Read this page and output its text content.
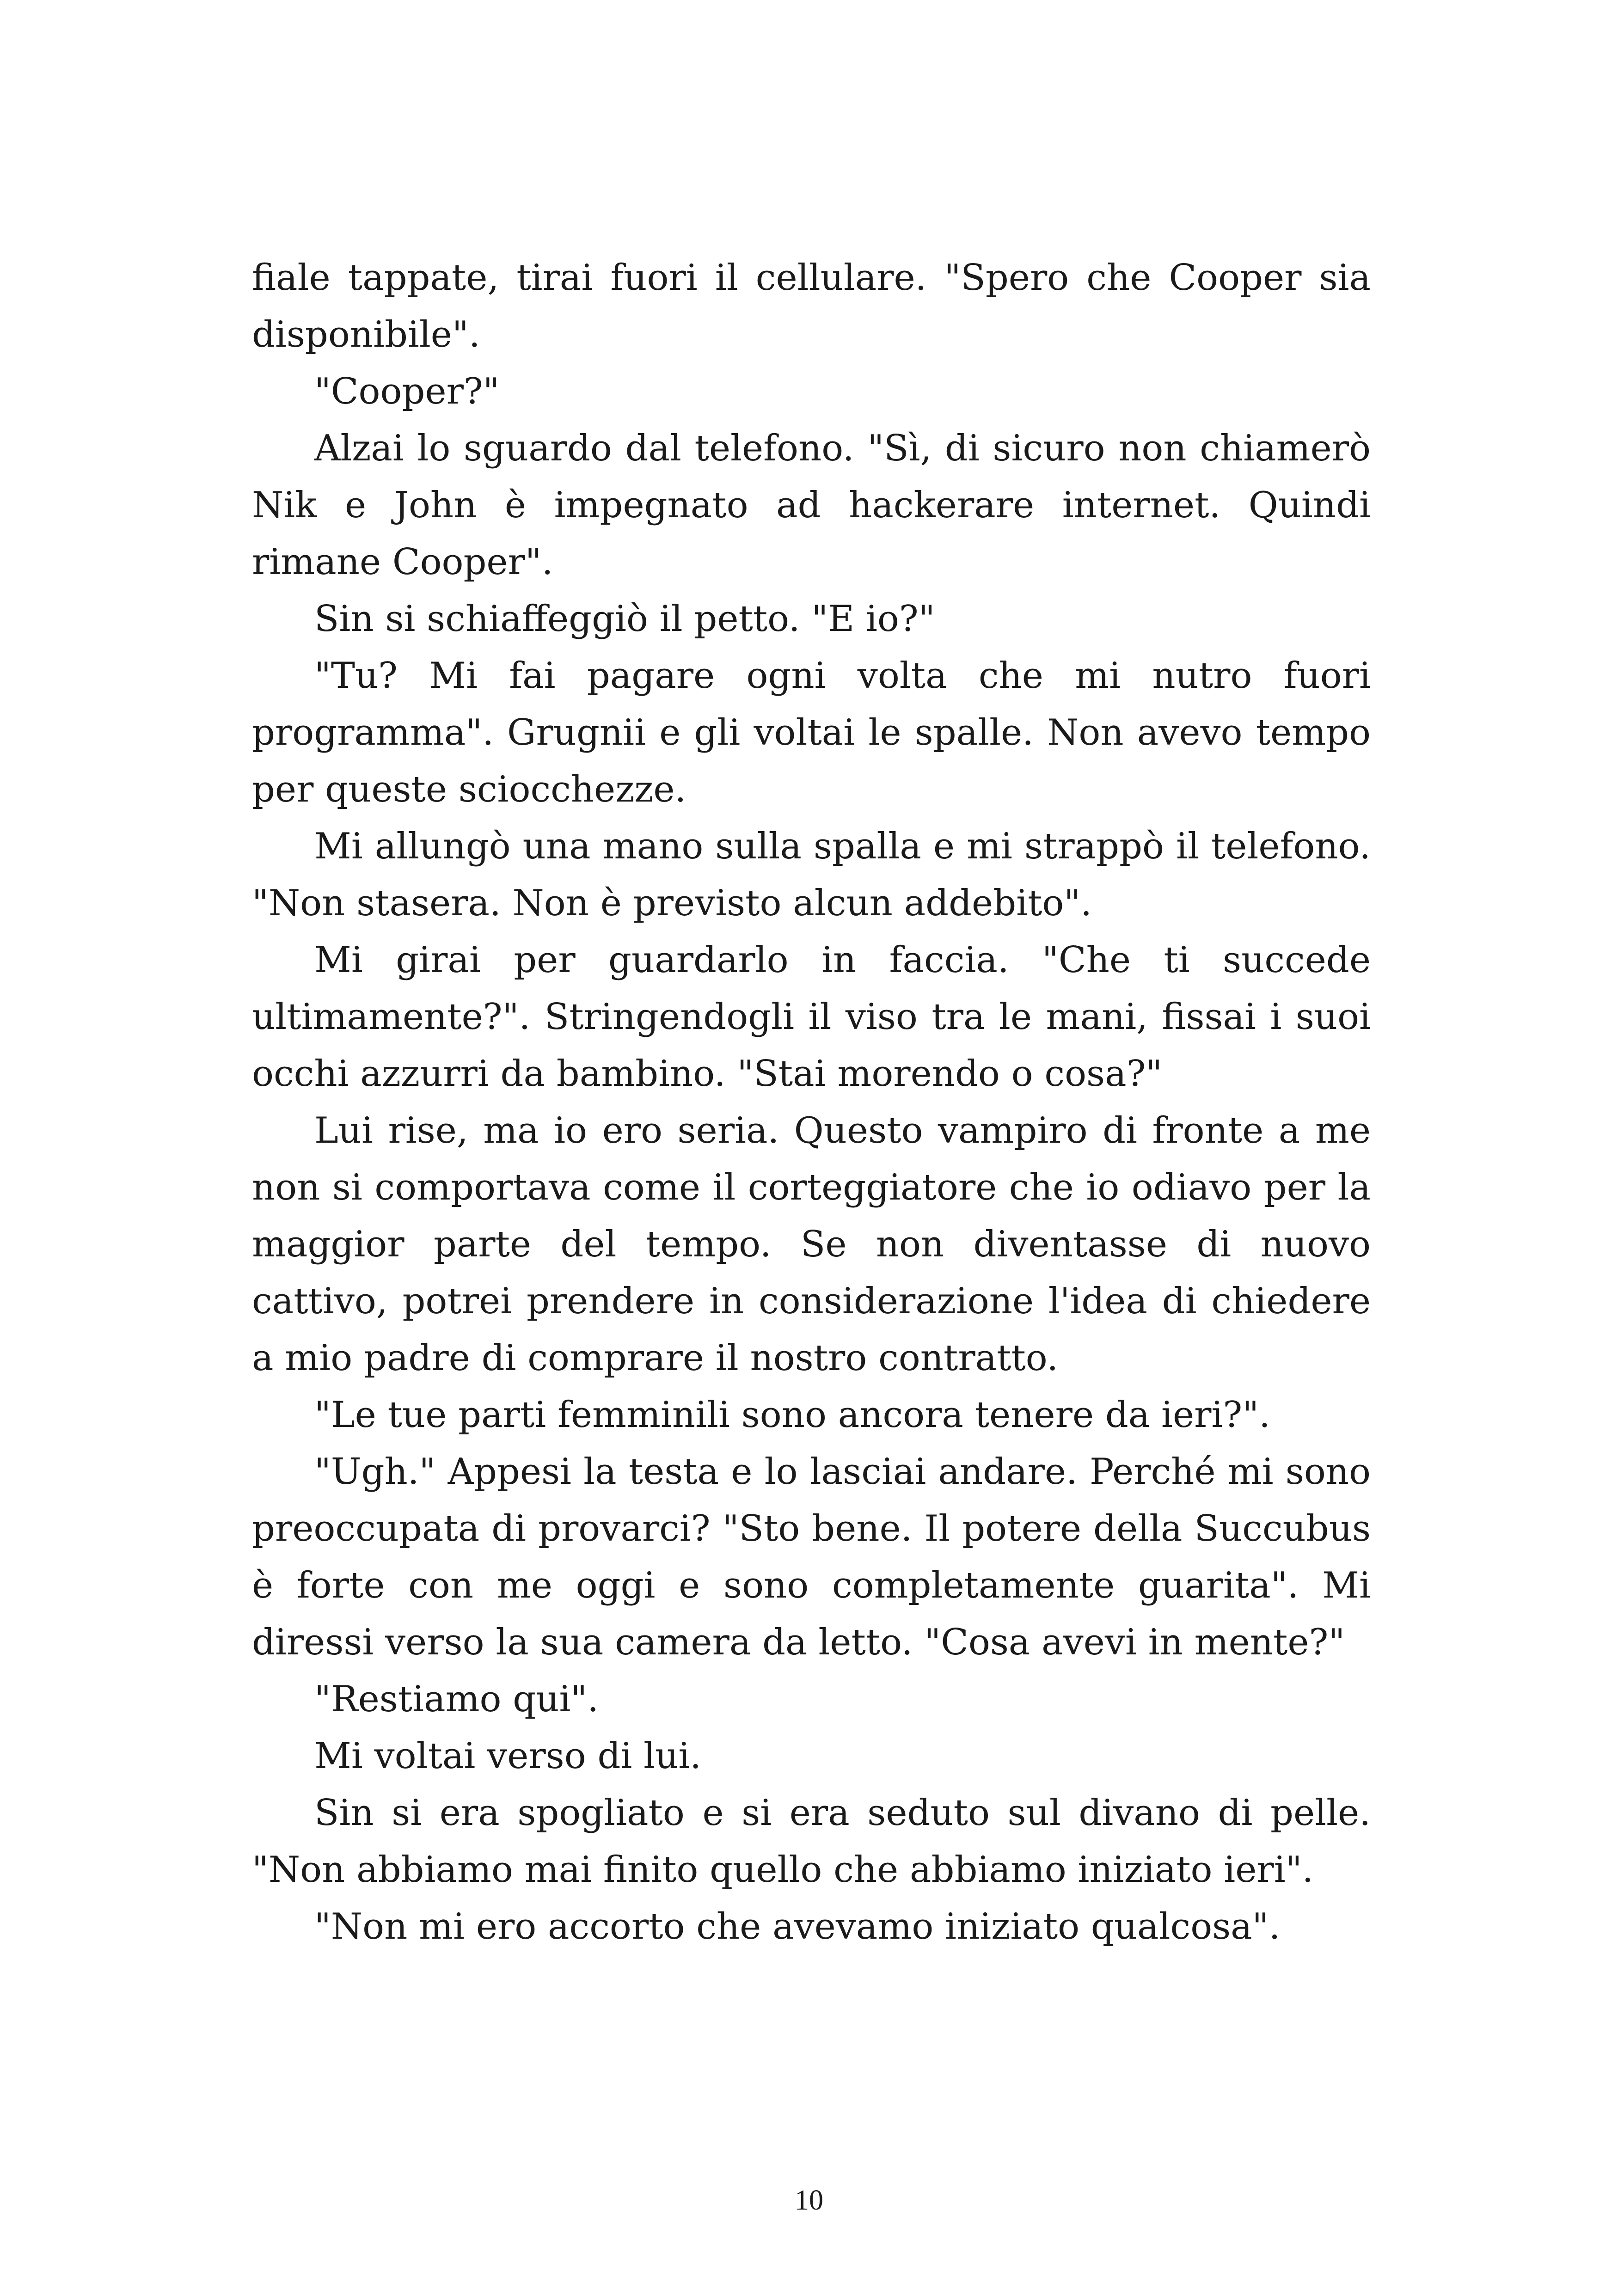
fiale tappate, tirai fuori il cellulare. "Spero che Cooper sia disponibile".

"Cooper?"

Alzai lo sguardo dal telefono. "Sì, di sicuro non chiamerò Nik e John è impegnato ad hackerare internet. Quindi rimane Cooper".

Sin si schiaffeggiò il petto. "E io?"

"Tu? Mi fai pagare ogni volta che mi nutro fuori programma". Grugnii e gli voltai le spalle. Non avevo tempo per queste sciocchezze.

Mi allungò una mano sulla spalla e mi strappò il telefono. "Non stasera. Non è previsto alcun addebito".

Mi girai per guardarlo in faccia. "Che ti succede ultimamente?". Stringendogli il viso tra le mani, fissai i suoi occhi azzurri da bambino. "Stai morendo o cosa?"

Lui rise, ma io ero seria. Questo vampiro di fronte a me non si comportava come il corteggiatore che io odiavo per la maggior parte del tempo. Se non diventasse di nuovo cattivo, potrei prendere in considerazione l'idea di chiedere a mio padre di comprare il nostro contratto.

"Le tue parti femminili sono ancora tenere da ieri?".

"Ugh." Appesi la testa e lo lasciai andare. Perché mi sono preoccupata di provarci? "Sto bene. Il potere della Succubus è forte con me oggi e sono completamente guarita". Mi diressi verso la sua camera da letto. "Cosa avevi in mente?"

"Restiamo qui".

Mi voltai verso di lui.

Sin si era spogliato e si era seduto sul divano di pelle. "Non abbiamo mai finito quello che abbiamo iniziato ieri".

"Non mi ero accorto che avevamo iniziato qualcosa".

10
